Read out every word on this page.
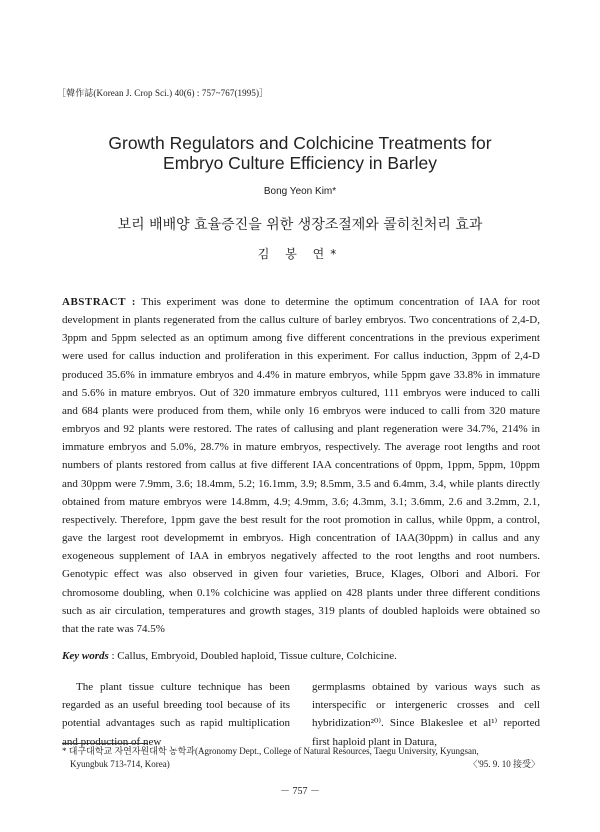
［韓作誌(Korean J. Crop Sci.) 40(6) : 757~767(1995)］
Growth Regulators and Colchicine Treatments for
Embryo Culture Efficiency in Barley
Bong Yeon Kim*
보리 배배양 효율증진을 위한 생장조절제와 콜히친처리 효과
김 봉 연*
ABSTRACT : This experiment was done to determine the optimum concentration of IAA for root development in plants regenerated from the callus culture of barley embryos. Two concentrations of 2,4-D, 3ppm and 5ppm selected as an optimum among five different concentrations in the previous experiment were used for callus induction and proliferation in this experiment. For callus induction, 3ppm of 2,4-D produced 35.6% in immature embryos and 4.4% in mature embryos, while 5ppm gave 33.8% in immature and 5.6% in mature embryos. Out of 320 immature embryos cultured, 111 embryos were induced to calli and 684 plants were produced from them, while only 16 embryos were induced to calli from 320 mature embryos and 92 plants were restored. The rates of callusing and plant regeneration were 34.7%, 214% in immature embryos and 5.0%, 28.7% in mature embryos, respectively. The average root lengths and root numbers of plants restored from callus at five different IAA concentrations of 0ppm, 1ppm, 5ppm, 10ppm and 30ppm were 7.9mm, 3.6; 18.4mm, 5.2; 16.1mm, 3.9; 8.5mm, 3.5 and 6.4mm, 3.4, while plants directly obtained from mature embryos were 14.8mm, 4.9; 4.9mm, 3.6; 4.3mm, 3.1; 3.6mm, 2.6 and 3.2mm, 2.1, respectively. Therefore, 1ppm gave the best result for the root promotion in callus, while 0ppm, a control, gave the largest root developmemt in embryos. High concentration of IAA(30ppm) in callus and any exogeneous supplement of IAA in embryos negatively affected to the root lengths and root numbers. Genotypic effect was also observed in given four varieties, Bruce, Klages, Olbori and Albori. For chromosome doubling, when 0.1% colchicine was applied on 428 plants under three different conditions such as air circulation, temperatures and growth stages, 319 plants of doubled haploids were obtained so that the rate was 74.5%
Key words : Callus, Embryoid, Doubled haploid, Tissue culture, Colchicine.

The plant tissue culture technique has been regarded as an useful breeding tool because of its potential advantages such as rapid multiplication and production of new

germplasms obtained by various ways such as interspecific or intergeneric crosses and cell hybridization²⁰⁾. Since Blakeslee et al¹⁾ reported first haploid plant in Datura,

* 대구대학교 자연자원대학 농학과(Agronomy Dept., College of Natural Resources, Taegu University, Kyungsan,
Kyungbuk 713-714, Korea)	〈'95. 9. 10 接受〉
－ 757 －
